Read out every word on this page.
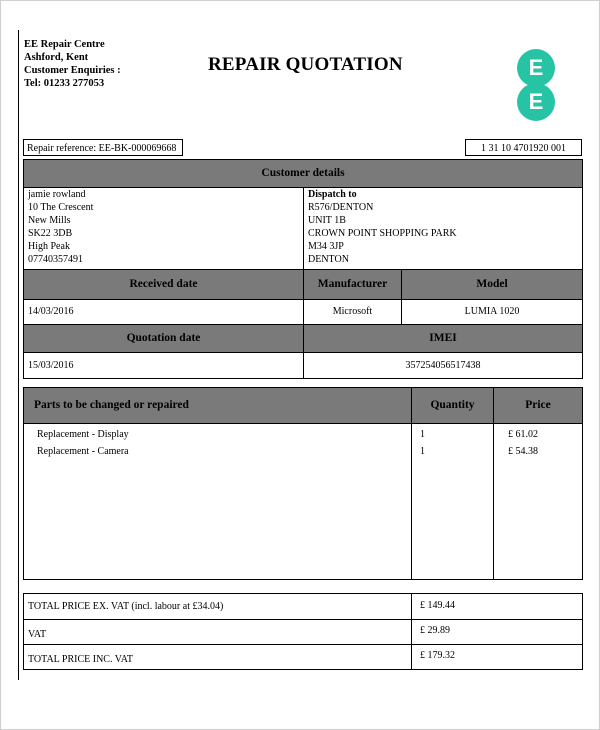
EE Repair Centre
Ashford, Kent
Customer Enquiries :
Tel: 01233 277053
REPAIR QUOTATION	E
E
Repair reference: EE-BK-000069668	1 31 10 4701920 001
Customer details
jamie rowland
10 The Crescent
New Mills
SK22 3DB
High Peak
07740357491
Dispatch to
R576/DENTON
UNIT 1B
CROWN POINT SHOPPING PARK
M34 3JP
DENTON
Received date	Manufacturer	Model
14/03/2016	Microsoft	LUMIA 1020
Quotation date	IMEI
15/03/2016	357254056517438
Parts to be changed or repaired	Quantity	Price
Replacement - Display	1	£ 61.02
Replacement - Camera	1	£ 54.38
TOTAL PRICE EX. VAT (incl. labour at £34.04)	£ 149.44
VAT	£ 29.89
TOTAL PRICE INC. VAT	£ 179.32
